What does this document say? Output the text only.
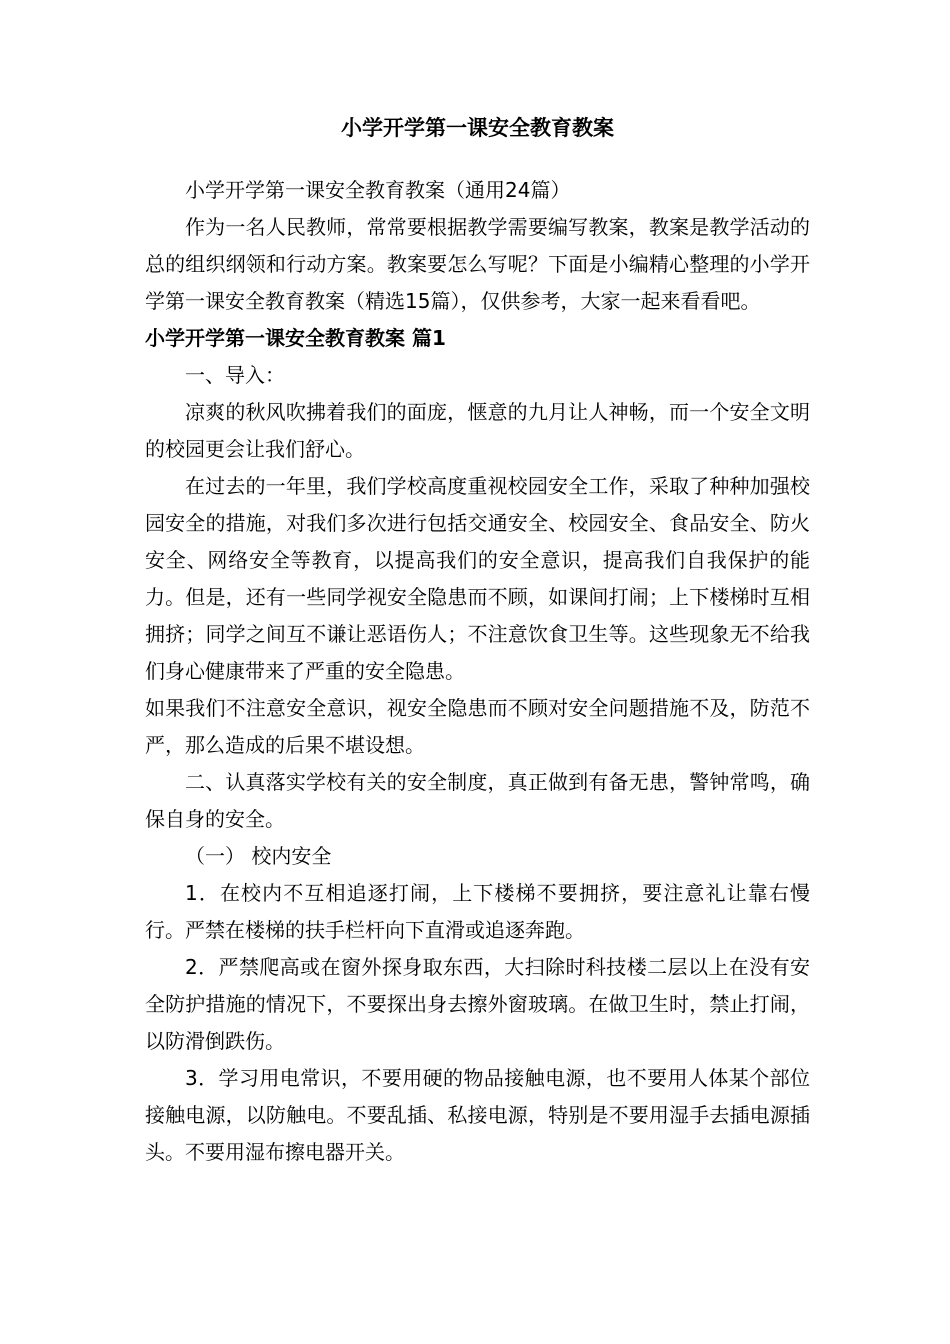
小学开学第一课安全教育教案

小学开学第一课安全教育教案（通用24篇）

作为一名人民教师，常常要根据教学需要编写教案，教案是教学活动的总的组织纲领和行动方案。教案要怎么写呢？下面是小编精心整理的小学开学第一课安全教育教案（精选15篇），仅供参考，大家一起来看看吧。

小学开学第一课安全教育教案 篇1

一、导入：

凉爽的秋风吹拂着我们的面庞，惬意的九月让人神畅，而一个安全文明的校园更会让我们舒心。

在过去的一年里，我们学校高度重视校园安全工作，采取了种种加强校园安全的措施，对我们多次进行包括交通安全、校园安全、食品安全、防火安全、网络安全等教育，以提高我们的安全意识，提高我们自我保护的能力。但是，还有一些同学视安全隐患而不顾，如课间打闹；上下楼梯时互相拥挤；同学之间互不谦让恶语伤人；不注意饮食卫生等。这些现象无不给我们身心健康带来了严重的安全隐患。

如果我们不注意安全意识，视安全隐患而不顾对安全问题措施不及，防范不严，那么造成的后果不堪设想。

二、认真落实学校有关的安全制度，真正做到有备无患，警钟常鸣，确保自身的安全。

（一） 校内安全

1．在校内不互相追逐打闹，上下楼梯不要拥挤，要注意礼让靠右慢行。严禁在楼梯的扶手栏杆向下直滑或追逐奔跑。

2．严禁爬高或在窗外探身取东西，大扫除时科技楼二层以上在没有安全防护措施的情况下，不要探出身去擦外窗玻璃。在做卫生时，禁止打闹，以防滑倒跌伤。

3．学习用电常识，不要用硬的物品接触电源，也不要用人体某个部位接触电源，以防触电。不要乱插、私接电源，特别是不要用湿手去插电源插头。不要用湿布擦电器开关。
